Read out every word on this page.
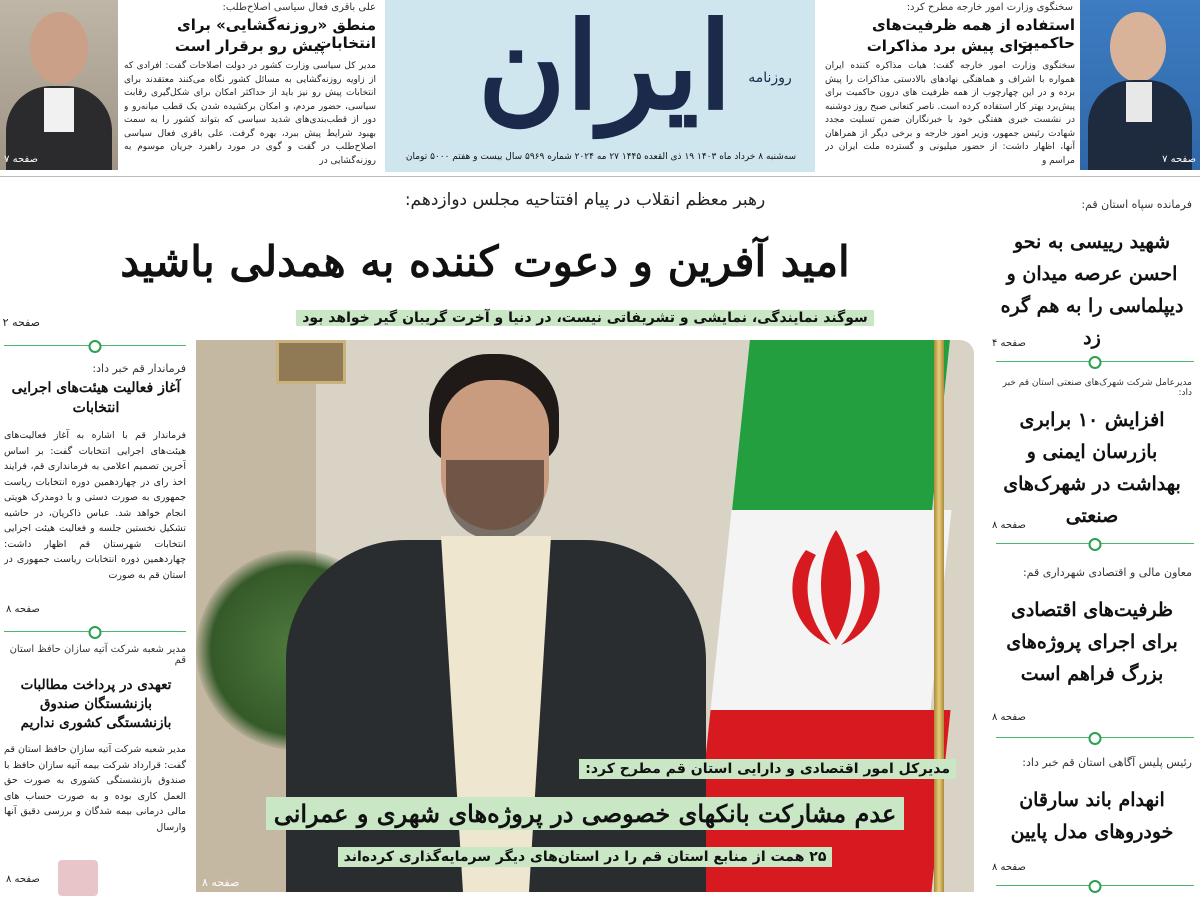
ایران	روزنامه
سه‌شنبه ۸ خرداد ماه ۱۴۰۳ ۱۹ ذی القعده ۱۴۴۵ ۲۷ مه ۲۰۲۴ شماره ۵۹۶۹ سال بیست و هفتم ۵۰۰۰ تومان	صفحه ۷
سخنگوی وزارت امور خارجه مطرح کرد:
استفاده از همه ظرفیت‌های حاکمیت
برای پیش برد مذاکرات
سخنگوی وزارت امور خارجه گفت: هیات مذاکره کننده ایران همواره با اشراف و هماهنگی نهادهای بالادستی مذاکرات را پیش برده و در این چهارچوب از همه ظرفیت های درون حاکمیت برای پیش‌برد بهتر کار استفاده کرده است. ناصر کنعانی صبح روز دوشنبه در نشست خبری هفتگی خود با خبرنگاران ضمن تسلیت مجدد شهادت رئیس جمهور، وزیر امور خارجه و برخی دیگر از همراهان آنها، اظهار داشت: از حضور میلیونی و گسترده ملت ایران در مراسم و
صفحه ۷
علی باقری فعال سیاسی اصلاح‌طلب:
منطق «روزنه‌گشایی» برای انتخابات
پیش رو برقرار است
مدیر کل سیاسی وزارت کشور در دولت اصلاحات گفت: افرادی که از زاویه روزنه‌گشایی به مسائل کشور نگاه می‌کنند معتقدند برای انتخابات پیش رو نیز باید از حداکثر امکان برای شکل‌گیری رقابت سیاسی، حضور مردم، و امکان برکشیده شدن یک قطب میانه‌رو و دور از قطب‌بندی‌های شدید سیاسی که بتواند کشور را به سمت بهبود شرایط پیش ببرد، بهره گرفت. علی باقری فعال سیاسی اصلاح‌طلب در گفت و گوی در مورد راهبرد جریان موسوم به روزنه‌گشایی در
رهبر معظم انقلاب در پیام افتتاحیه مجلس دوازدهم:
امید آفرین و دعوت کننده به همدلی باشید
سوگند نمایندگی، نمایشی و تشریفاتی نیست، در دنیا و آخرت گریبان گیر خواهد بود
صفحه ۲
مدیرکل امور اقتصادی و دارایی استان قم مطرح کرد:
عدم مشارکت بانکهای خصوصی در پروژه‌های شهری و عمرانی
۲۵ همت از منابع استان قم را در استان‌های دیگر سرمایه‌گذاری کرده‌اند
صفحه ۸
فرمانده سپاه استان قم:
شهید رییسی به نحو احسن عرصه میدان و دیپلماسی را به هم گره زد
صفحه ۴
مدیرعامل شرکت شهرک‌های صنعتی استان قم خبر داد:
افزایش ۱۰ برابری بازرسان ایمنی و بهداشت در شهرک‌های صنعتی
صفحه ۸
معاون مالی و اقتصادی شهرداری قم:
ظرفیت‌های اقتصادی برای اجرای پروژه‌های بزرگ فراهم است
صفحه ۸
رئیس پلیس آگاهی استان قم خبر داد:
انهدام باند سارقان خودروهای مدل پایین
صفحه ۸
فرماندار قم خبر داد:
آغاز فعالیت هیئت‌های اجرایی انتخابات
فرماندار قم با اشاره به آغاز فعالیت‌های هیئت‌های اجرایی انتخابات گفت: بر اساس آخرین تصمیم اعلامی به فرمانداری قم، فرایند اخذ رای در چهاردهمین دوره انتخابات ریاست جمهوری به صورت دستی و با دومدرک هویتی انجام خواهد شد. عباس ذاکریان، در حاشیه تشکیل نخستین جلسه و فعالیت هیئت اجرایی انتخابات شهرستان قم اظهار داشت: چهاردهمین دوره انتخابات ریاست جمهوری در استان قم به صورت
صفحه ۸
مدیر شعبه شرکت آتیه سازان حافظ استان قم
تعهدی در پرداخت مطالبات بازنشستگان صندوق بازنشستگی کشوری نداریم
مدیر شعبه شرکت آتیه سازان حافظ استان قم گفت: قرارداد شرکت بیمه آتیه سازان حافظ با صندوق بازنشستگی کشوری به صورت حق العمل کاری بوده و به صورت حساب های مالی درمانی بیمه شدگان و بررسی دقیق آنها وارسال
صفحه ۸
